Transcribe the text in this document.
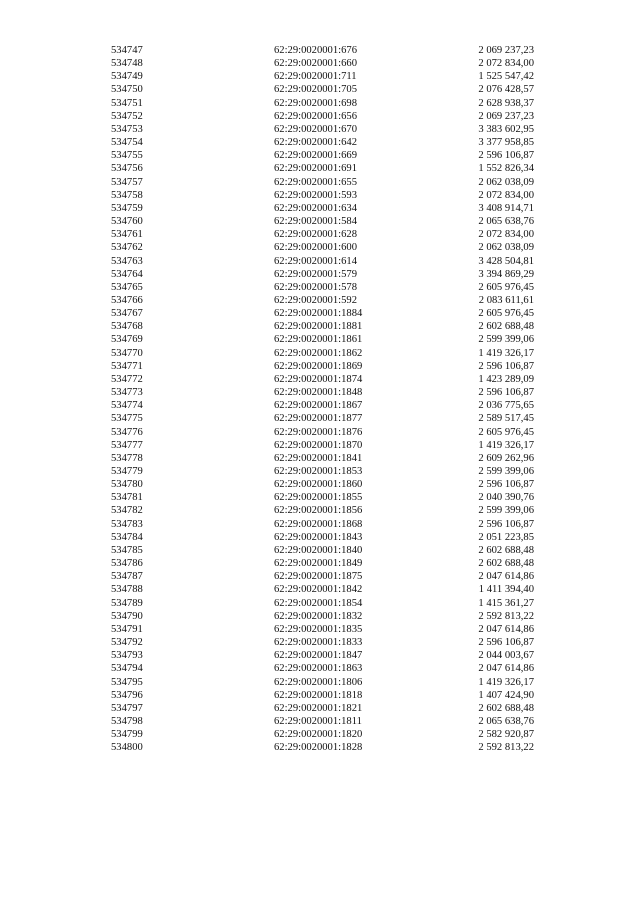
534747	62:29:0020001:676	2 069 237,23
534748	62:29:0020001:660	2 072 834,00
534749	62:29:0020001:711	1 525 547,42
534750	62:29:0020001:705	2 076 428,57
534751	62:29:0020001:698	2 628 938,37
534752	62:29:0020001:656	2 069 237,23
534753	62:29:0020001:670	3 383 602,95
534754	62:29:0020001:642	3 377 958,85
534755	62:29:0020001:669	2 596 106,87
534756	62:29:0020001:691	1 552 826,34
534757	62:29:0020001:655	2 062 038,09
534758	62:29:0020001:593	2 072 834,00
534759	62:29:0020001:634	3 408 914,71
534760	62:29:0020001:584	2 065 638,76
534761	62:29:0020001:628	2 072 834,00
534762	62:29:0020001:600	2 062 038,09
534763	62:29:0020001:614	3 428 504,81
534764	62:29:0020001:579	3 394 869,29
534765	62:29:0020001:578	2 605 976,45
534766	62:29:0020001:592	2 083 611,61
534767	62:29:0020001:1884	2 605 976,45
534768	62:29:0020001:1881	2 602 688,48
534769	62:29:0020001:1861	2 599 399,06
534770	62:29:0020001:1862	1 419 326,17
534771	62:29:0020001:1869	2 596 106,87
534772	62:29:0020001:1874	1 423 289,09
534773	62:29:0020001:1848	2 596 106,87
534774	62:29:0020001:1867	2 036 775,65
534775	62:29:0020001:1877	2 589 517,45
534776	62:29:0020001:1876	2 605 976,45
534777	62:29:0020001:1870	1 419 326,17
534778	62:29:0020001:1841	2 609 262,96
534779	62:29:0020001:1853	2 599 399,06
534780	62:29:0020001:1860	2 596 106,87
534781	62:29:0020001:1855	2 040 390,76
534782	62:29:0020001:1856	2 599 399,06
534783	62:29:0020001:1868	2 596 106,87
534784	62:29:0020001:1843	2 051 223,85
534785	62:29:0020001:1840	2 602 688,48
534786	62:29:0020001:1849	2 602 688,48
534787	62:29:0020001:1875	2 047 614,86
534788	62:29:0020001:1842	1 411 394,40
534789	62:29:0020001:1854	1 415 361,27
534790	62:29:0020001:1832	2 592 813,22
534791	62:29:0020001:1835	2 047 614,86
534792	62:29:0020001:1833	2 596 106,87
534793	62:29:0020001:1847	2 044 003,67
534794	62:29:0020001:1863	2 047 614,86
534795	62:29:0020001:1806	1 419 326,17
534796	62:29:0020001:1818	1 407 424,90
534797	62:29:0020001:1821	2 602 688,48
534798	62:29:0020001:1811	2 065 638,76
534799	62:29:0020001:1820	2 582 920,87
534800	62:29:0020001:1828	2 592 813,22
